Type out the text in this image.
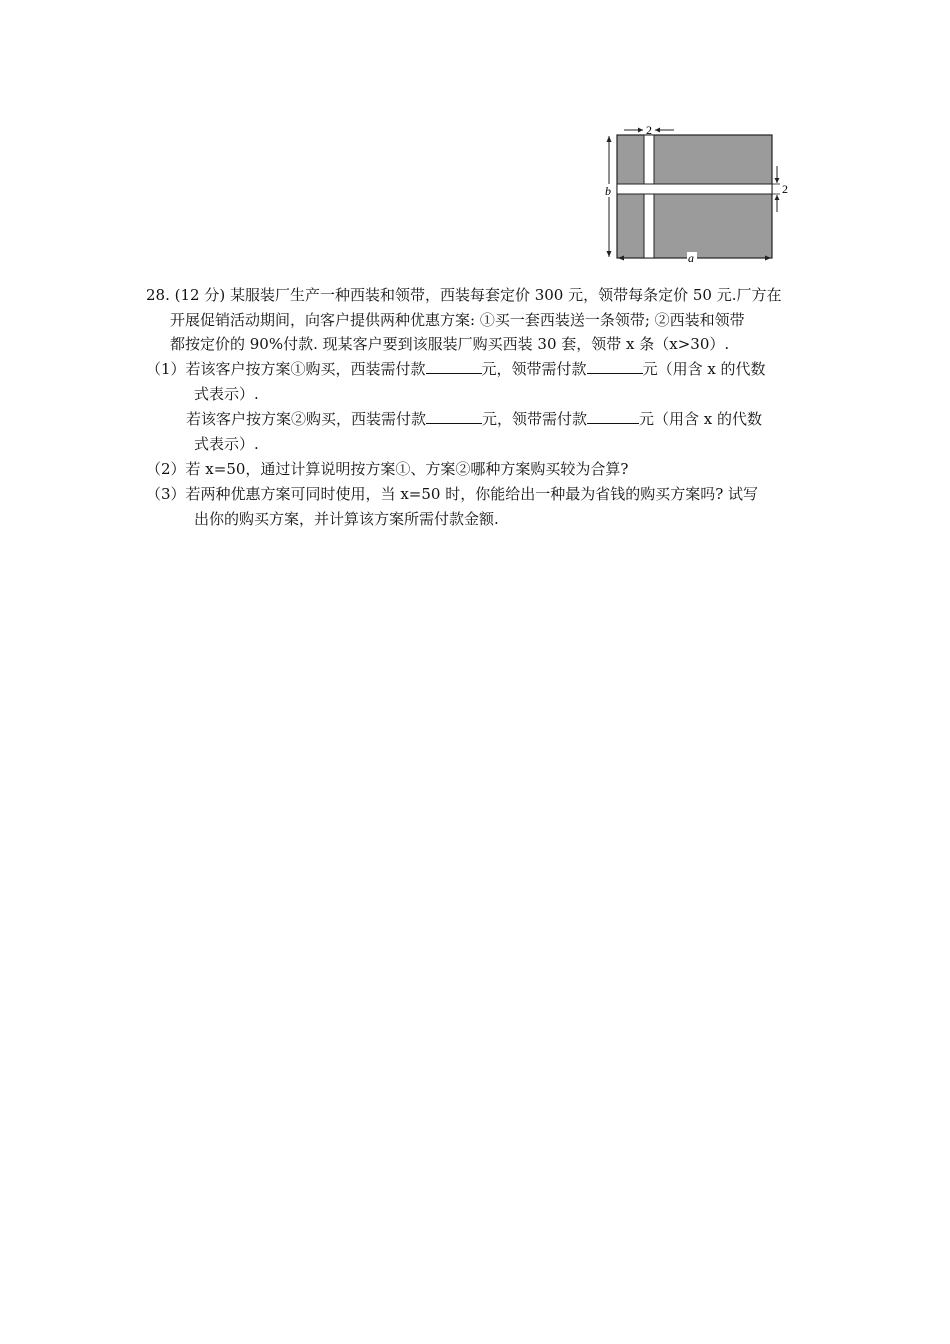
2
2
b
a
28. (12 分) 某服装厂生产一种西装和领带，西装每套定价 300 元，领带每条定价 50 元.厂方在
开展促销活动期间，向客户提供两种优惠方案: ①买一套西装送一条领带; ②西装和领带
都按定价的 90%付款. 现某客户要到该服装厂购买西装 30 套，领带 x 条（x>30）.
（1）若该客户按方案①购买，西装需付款	元，领带需付款	元（用含 x 的代数
式表示）.
若该客户按方案②购买，西装需付款	元，领带需付款	元（用含 x 的代数
式表示）.
（2）若 x=50，通过计算说明按方案①、方案②哪种方案购买较为合算?
（3）若两种优惠方案可同时使用，当 x=50 时，你能给出一种最为省钱的购买方案吗? 试写
出你的购买方案，并计算该方案所需付款金额.
